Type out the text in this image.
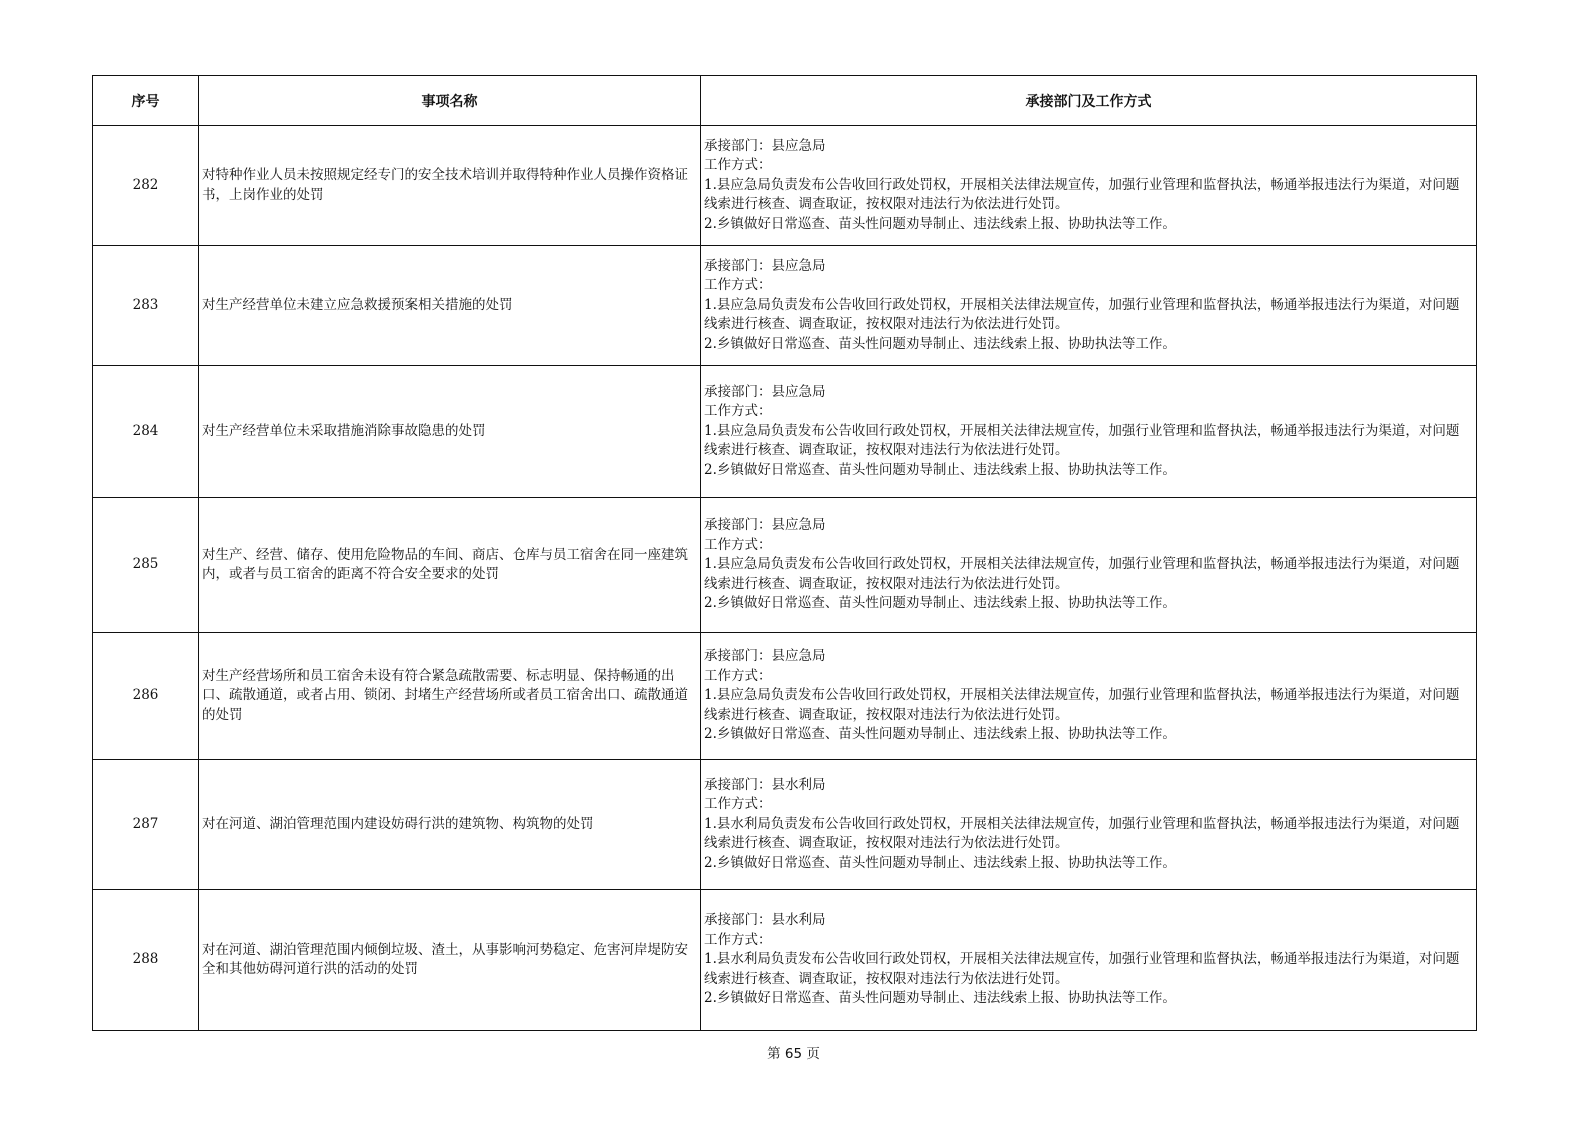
序号	事项名称	承接部门及工作方式
282	对特种作业人员未按照规定经专门的安全技术培训并取得特种作业人员操作资格证书，上岗作业的处罚	承接部门：县应急局
工作方式：
1.县应急局负责发布公告收回行政处罚权，开展相关法律法规宣传，加强行业管理和监督执法，畅通举报违法行为渠道，对问题线索进行核查、调查取证，按权限对违法行为依法进行处罚。
2.乡镇做好日常巡查、苗头性问题劝导制止、违法线索上报、协助执法等工作。

283	对生产经营单位未建立应急救援预案相关措施的处罚	承接部门：县应急局
工作方式：
1.县应急局负责发布公告收回行政处罚权，开展相关法律法规宣传，加强行业管理和监督执法，畅通举报违法行为渠道，对问题线索进行核查、调查取证，按权限对违法行为依法进行处罚。
2.乡镇做好日常巡查、苗头性问题劝导制止、违法线索上报、协助执法等工作。

284	对生产经营单位未采取措施消除事故隐患的处罚	承接部门：县应急局
工作方式：
1.县应急局负责发布公告收回行政处罚权，开展相关法律法规宣传，加强行业管理和监督执法，畅通举报违法行为渠道，对问题线索进行核查、调查取证，按权限对违法行为依法进行处罚。
2.乡镇做好日常巡查、苗头性问题劝导制止、违法线索上报、协助执法等工作。

285	对生产、经营、储存、使用危险物品的车间、商店、仓库与员工宿舍在同一座建筑内，或者与员工宿舍的距离不符合安全要求的处罚	承接部门：县应急局
工作方式：
1.县应急局负责发布公告收回行政处罚权，开展相关法律法规宣传，加强行业管理和监督执法，畅通举报违法行为渠道，对问题线索进行核查、调查取证，按权限对违法行为依法进行处罚。
2.乡镇做好日常巡查、苗头性问题劝导制止、违法线索上报、协助执法等工作。

286	对生产经营场所和员工宿舍未设有符合紧急疏散需要、标志明显、保持畅通的出口、疏散通道，或者占用、锁闭、封堵生产经营场所或者员工宿舍出口、疏散通道的处罚	承接部门：县应急局
工作方式：
1.县应急局负责发布公告收回行政处罚权，开展相关法律法规宣传，加强行业管理和监督执法，畅通举报违法行为渠道，对问题线索进行核查、调查取证，按权限对违法行为依法进行处罚。
2.乡镇做好日常巡查、苗头性问题劝导制止、违法线索上报、协助执法等工作。

287	对在河道、湖泊管理范围内建设妨碍行洪的建筑物、构筑物的处罚	承接部门：县水利局
工作方式：
1.县水利局负责发布公告收回行政处罚权，开展相关法律法规宣传，加强行业管理和监督执法，畅通举报违法行为渠道，对问题线索进行核查、调查取证，按权限对违法行为依法进行处罚。
2.乡镇做好日常巡查、苗头性问题劝导制止、违法线索上报、协助执法等工作。

288	对在河道、湖泊管理范围内倾倒垃圾、渣土，从事影响河势稳定、危害河岸堤防安全和其他妨碍河道行洪的活动的处罚	承接部门：县水利局
工作方式：
1.县水利局负责发布公告收回行政处罚权，开展相关法律法规宣传，加强行业管理和监督执法，畅通举报违法行为渠道，对问题线索进行核查、调查取证，按权限对违法行为依法进行处罚。
2.乡镇做好日常巡查、苗头性问题劝导制止、违法线索上报、协助执法等工作。
第 65 页
